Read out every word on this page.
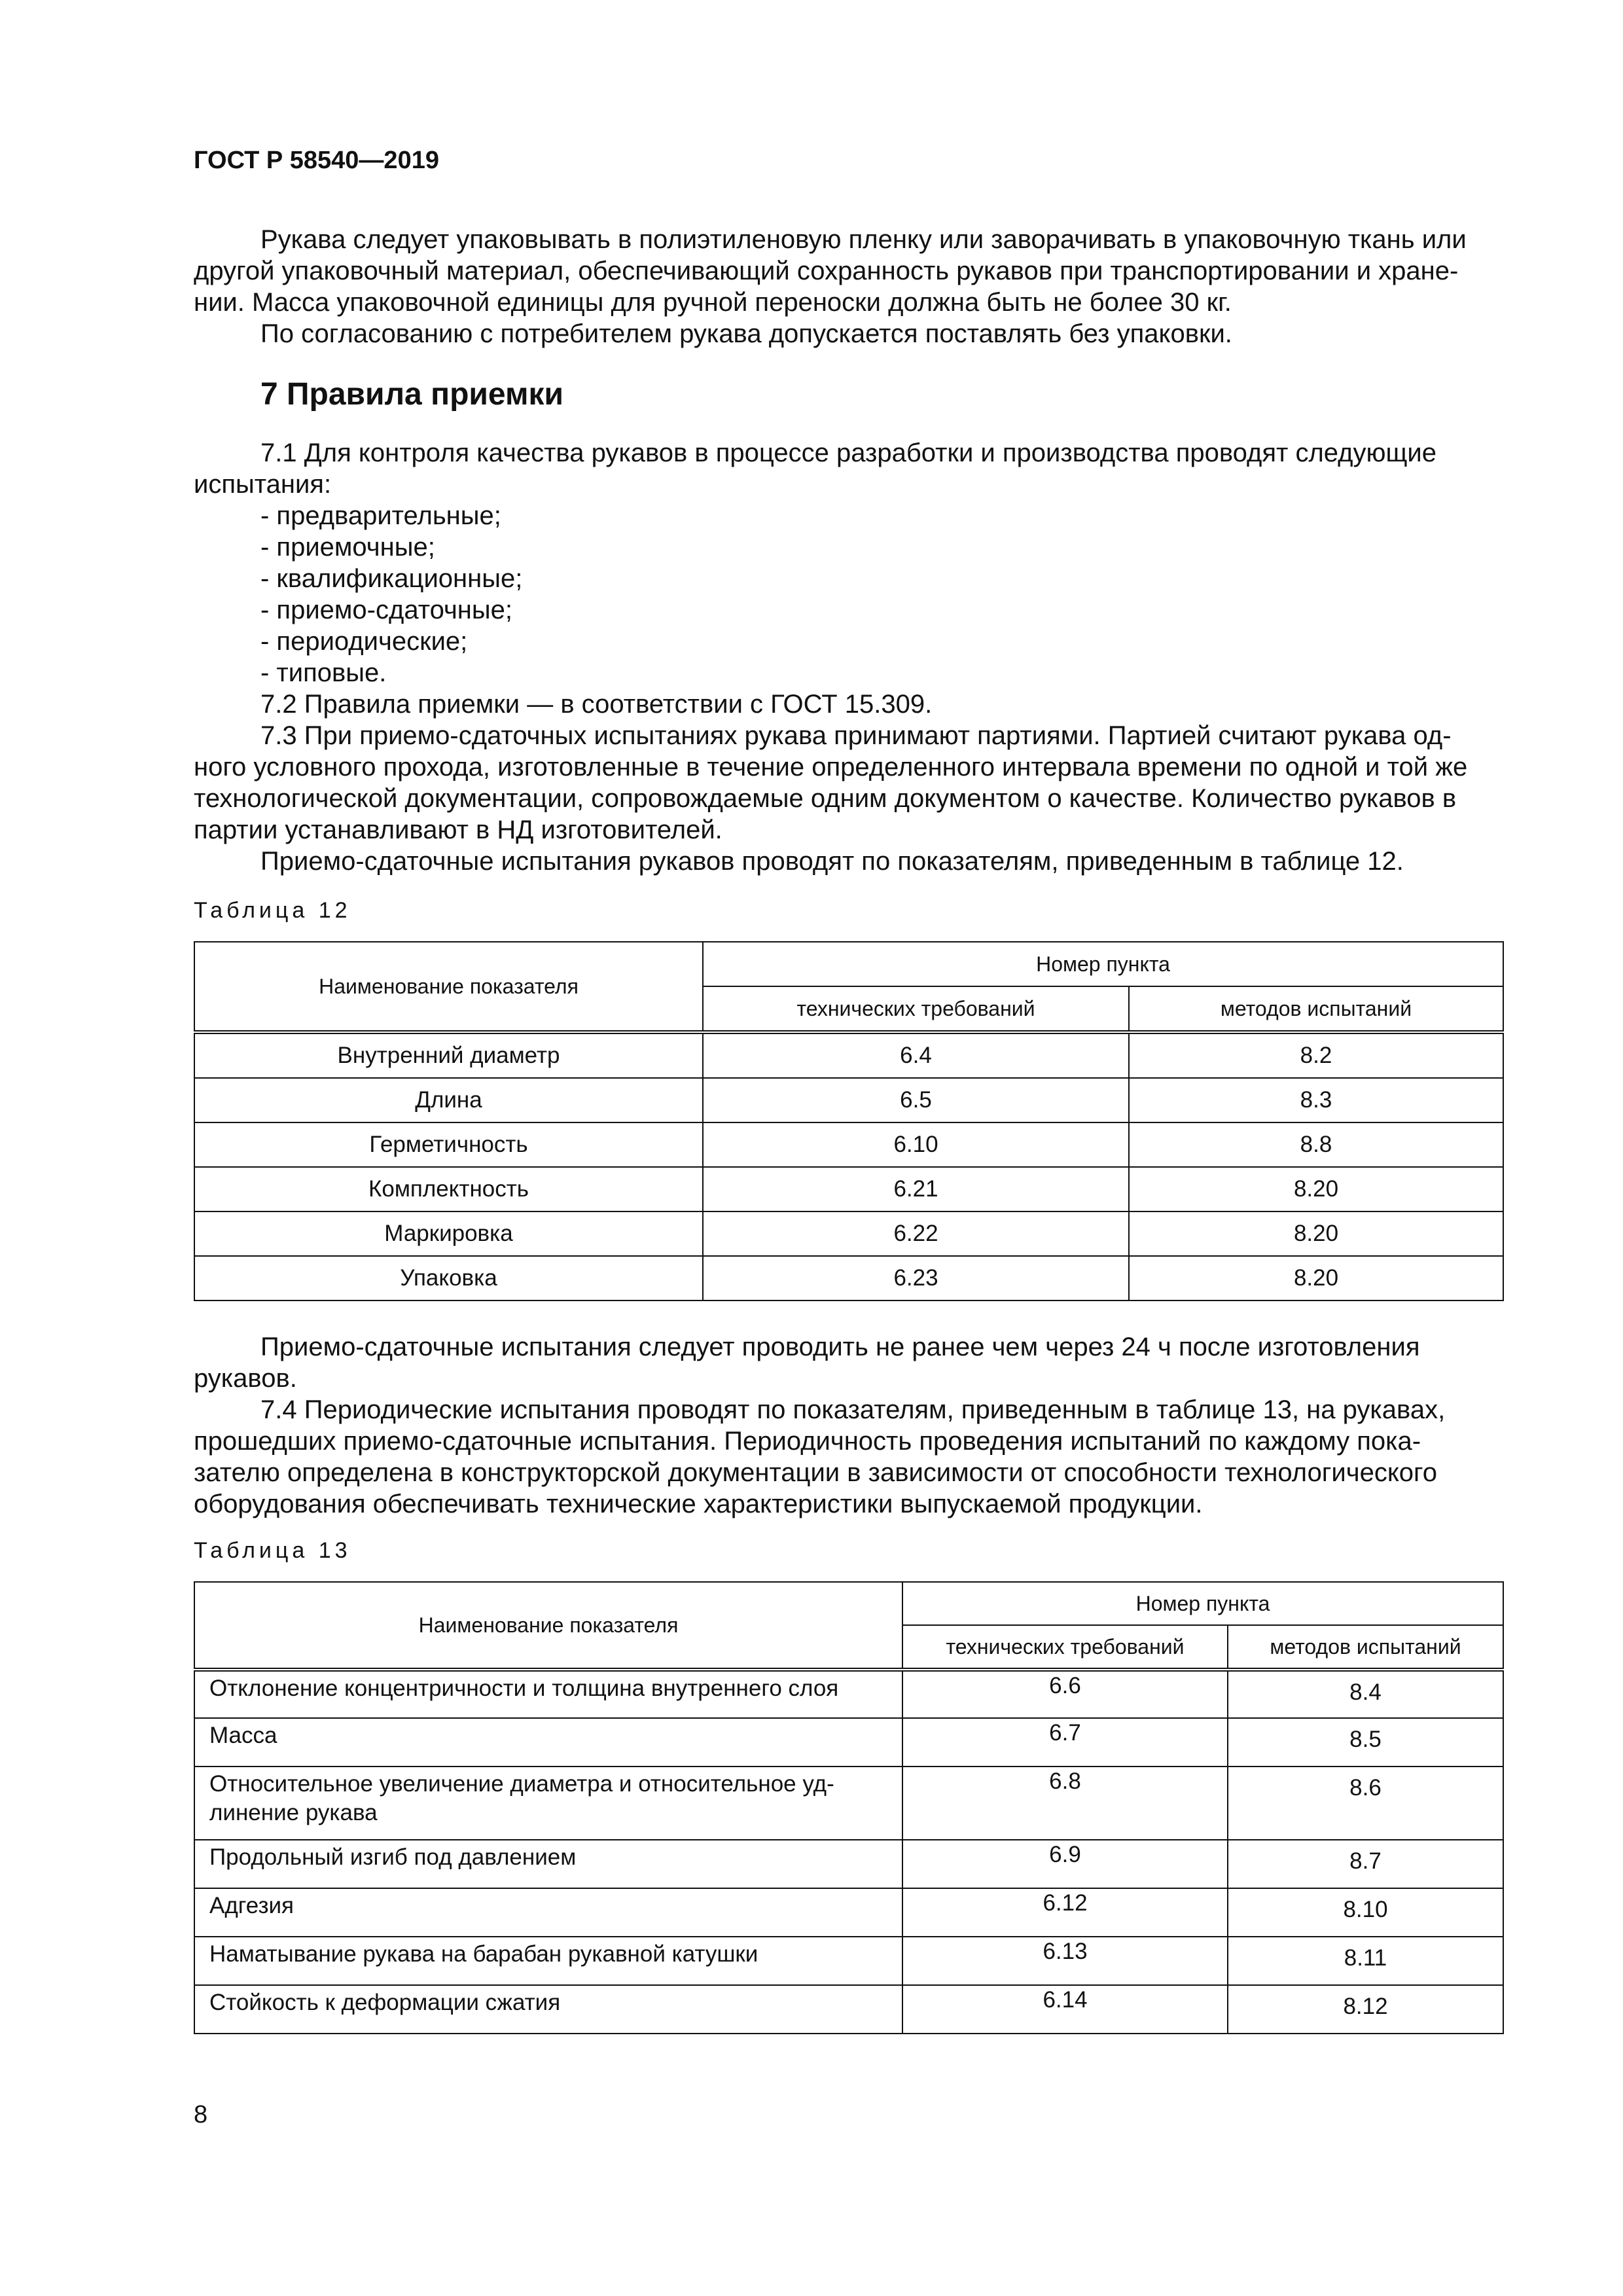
ГОСТ Р 58540—2019
Рукава следует упаковывать в полиэтиленовую пленку или заворачивать в упаковочную ткань или
другой упаковочный материал, обеспечивающий сохранность рукавов при транспортировании и хране-
нии. Масса упаковочной единицы для ручной переноски должна быть не более 30 кг.
По согласованию с потребителем рукава допускается поставлять без упаковки.
7 Правила приемки
7.1 Для контроля качества рукавов в процессе разработки и производства проводят следующие
испытания:
- предварительные;
- приемочные;
- квалификационные;
- приемо-сдаточные;
- периодические;
- типовые.
7.2 Правила приемки — в соответствии с ГОСТ 15.309.
7.3 При приемо-сдаточных испытаниях рукава принимают партиями. Партией считают рукава од-
ного условного прохода, изготовленные в течение определенного интервала времени по одной и той же
технологической документации, сопровождаемые одним документом о качестве. Количество рукавов в
партии устанавливают в НД изготовителей.
Приемо-сдаточные испытания рукавов проводят по показателям, приведенным в таблице 12.
Таблица 12
Наименование показателя	Номер пункта	
	технических требований	методов испытаний
Внутренний диаметр	6.4	8.2
Длина	6.5	8.3
Герметичность	6.10	8.8
Комплектность	6.21	8.20
Маркировка	6.22	8.20
Упаковка	6.23	8.20
Приемо-сдаточные испытания следует проводить не ранее чем через 24 ч после изготовления
рукавов.
7.4 Периодические испытания проводят по показателям, приведенным в таблице 13, на рукавах,
прошедших приемо-сдаточные испытания. Периодичность проведения испытаний по каждому пока-
зателю определена в конструкторской документации в зависимости от способности технологического
оборудования обеспечивать технические характеристики выпускаемой продукции.
Таблица 13
Наименование показателя	Номер пункта	
	технических требований	методов испытаний
Отклонение концентричности и толщина внутреннего слоя	6.6	8.4
Масса	6.7	8.5

Относительное увеличение диаметра и относительное уд-
линение рукава	6.8	8.6
Продольный изгиб под давлением	6.9	8.7
Адгезия	6.12	8.10
Наматывание рукава на барабан рукавной катушки	6.13	8.11
Стойкость к деформации сжатия	6.14	8.12
8
